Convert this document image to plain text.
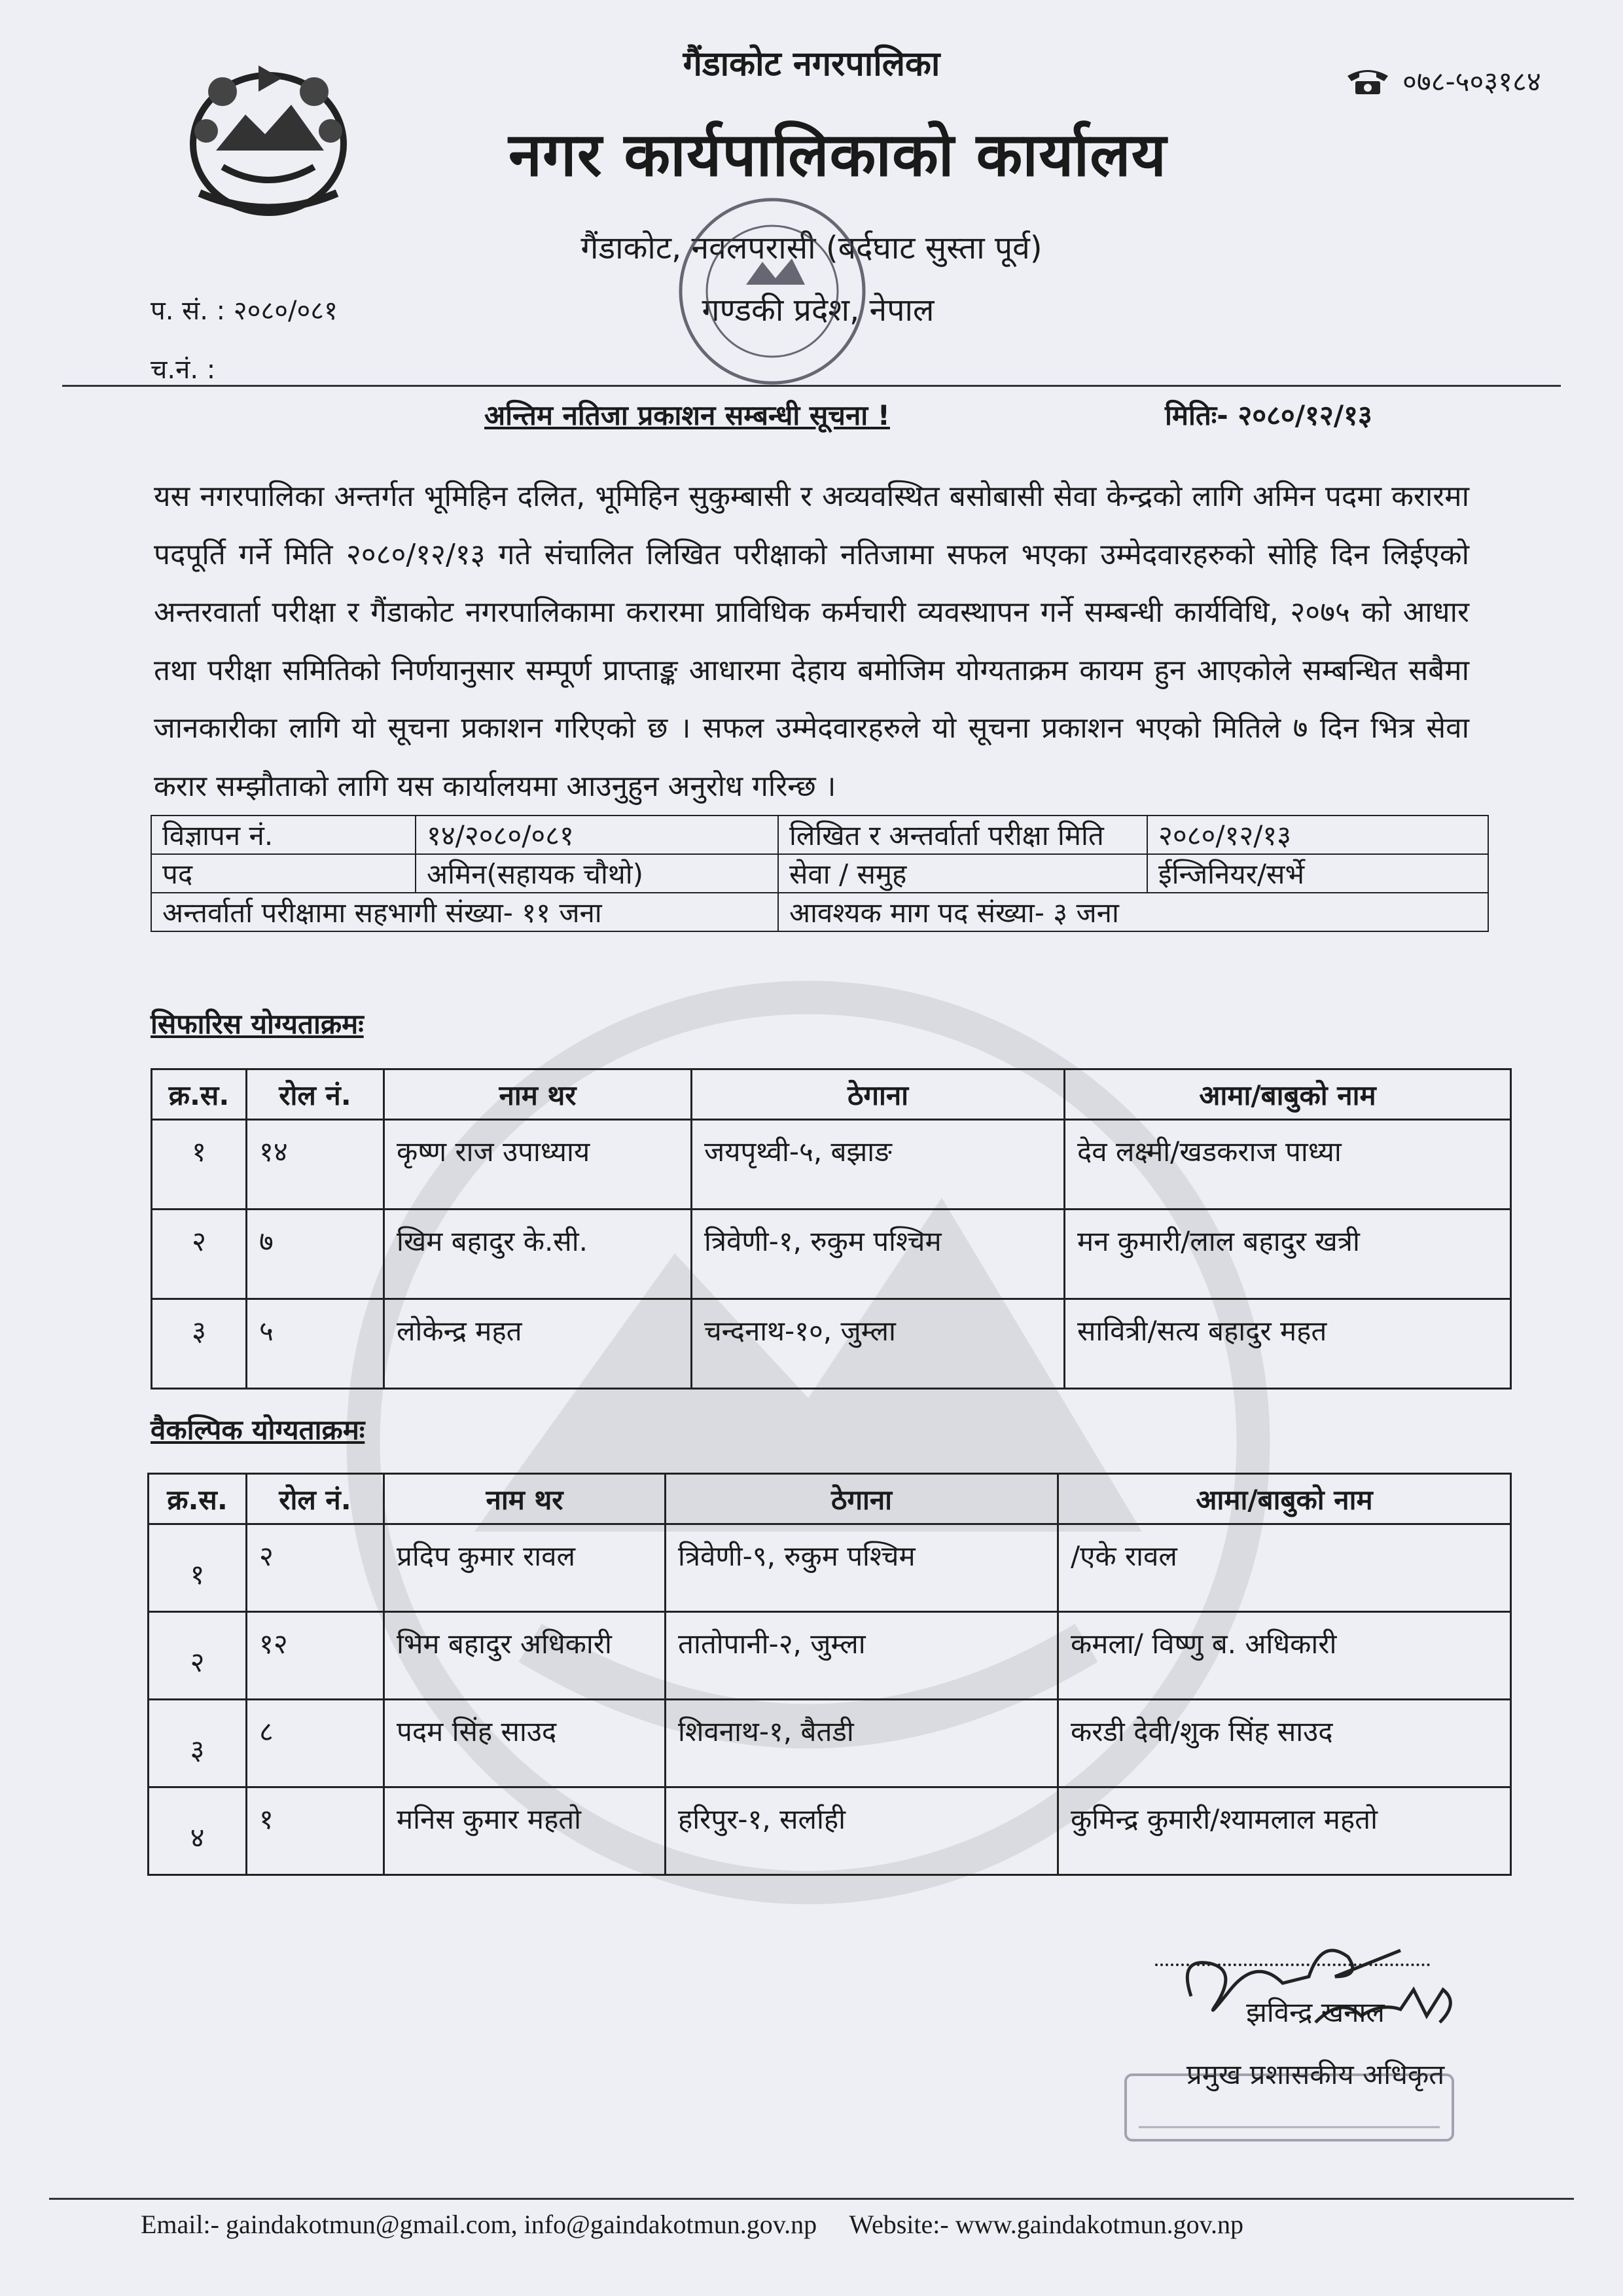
गैंडाकोट नगरपालिका
नगर कार्यपालिकाको कार्यालय
गैंडाकोट, नवलपरासी (बर्दघाट सुस्ता पूर्व)
गण्डकी प्रदेश, नेपाल
०७८-५०३१८४
प. सं. : २०८०/०८१
च.नं. :
अन्तिम नतिजा प्रकाशन सम्बन्धी सूचना !	मितिः- २०८०/१२/१३
यस नगरपालिका अन्तर्गत भूमिहिन दलित, भूमिहिन सुकुम्बासी र अव्यवस्थित बसोबासी सेवा केन्द्रको लागि अमिन पदमा करारमा पदपूर्ति गर्ने मिति २०८०/१२/१३ गते संचालित लिखित परीक्षाको नतिजामा सफल भएका उम्मेदवारहरुको सोहि दिन लिईएको अन्तरवार्ता परीक्षा र गैंडाकोट नगरपालिकामा करारमा प्राविधिक कर्मचारी व्यवस्थापन गर्ने सम्बन्धी कार्यविधि, २०७५ को आधार तथा परीक्षा समितिको निर्णयानुसार सम्पूर्ण प्राप्ताङ्क आधारमा देहाय बमोजिम योग्यताक्रम कायम हुन आएकोले सम्बन्धित सबैमा जानकारीका लागि यो सूचना प्रकाशन गरिएको छ । सफल उम्मेदवारहरुले यो सूचना प्रकाशन भएको मितिले ७ दिन भित्र सेवा करार सम्झौताको लागि यस कार्यालयमा आउनुहुन अनुरोध गरिन्छ ।
विज्ञापन नं.	१४/२०८०/०८१	लिखित र अन्तर्वार्ता परीक्षा मिति	२०८०/१२/१३
पद	अमिन(सहायक चौथो)	सेवा / समुह	ईन्जिनियर/सर्भे
अन्तर्वार्ता परीक्षामा सहभागी संख्या- ११ जना		आवश्यक माग पद संख्या- ३ जना	
सिफारिस योग्यताक्रमः
क्र.स.	रोल नं.	नाम थर	ठेगाना	आमा/बाबुको नाम
१	१४	कृष्ण राज उपाध्याय	जयपृथ्वी-५, बझाङ	देव लक्ष्मी/खडकराज पाध्या
२	७	खिम बहादुर के.सी.	त्रिवेणी-१, रुकुम पश्चिम	मन कुमारी/लाल बहादुर खत्री
३	५	लोकेन्द्र महत	चन्दनाथ-१०, जुम्ला	सावित्री/सत्य बहादुर महत
वैकल्पिक योग्यताक्रमः
क्र.स.	रोल नं.	नाम थर	ठेगाना	आमा/बाबुको नाम
१	२	प्रदिप कुमार रावल	त्रिवेणी-९, रुकुम पश्चिम	/एके रावल
२	१२	भिम बहादुर अधिकारी	तातोपानी-२, जुम्ला	कमला/ विष्णु ब. अधिकारी
३	८	पदम सिंह साउद	शिवनाथ-१, बैतडी	करडी देवी/शुक सिंह साउद
४	१	मनिस कुमार महतो	हरिपुर-१, सर्लाही	कुमिन्द्र कुमारी/श्यामलाल महतो
झविन्द्र खनाल
प्रमुख प्रशासकीय अधिकृत
Email:- gaindakotmun@gmail.com, info@gaindakotmun.gov.np Website:- www.gaindakotmun.gov.np
